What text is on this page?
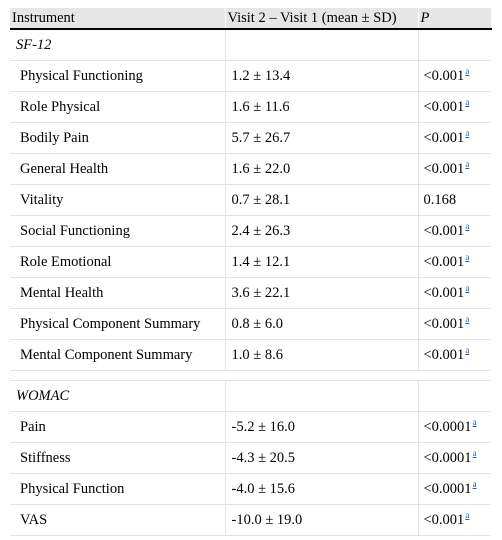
Instrument	Visit 2 – Visit 1 (mean ± SD)	P
SF-12		
Physical Functioning	1.2 ± 13.4	<0.001$^a$
Role Physical	1.6 ± 11.6	<0.001$^a$
Bodily Pain	5.7 ± 26.7	<0.001$^a$
General Health	1.6 ± 22.0	<0.001$^a$
Vitality	0.7 ± 28.1	0.168
Social Functioning	2.4 ± 26.3	<0.001$^a$
Role Emotional	1.4 ± 12.1	<0.001$^a$
Mental Health	3.6 ± 22.1	<0.001$^a$
Physical Component Summary	0.8 ± 6.0	<0.001$^a$
Mental Component Summary	1.0 ± 8.6	<0.001$^a$

WOMAC		
Pain	-5.2 ± 16.0	<0.0001$^a$
Stiffness	-4.3 ± 20.5	<0.0001$^a$
Physical Function	-4.0 ± 15.6	<0.0001$^a$
VAS	-10.0 ± 19.0	<0.001$^a$
